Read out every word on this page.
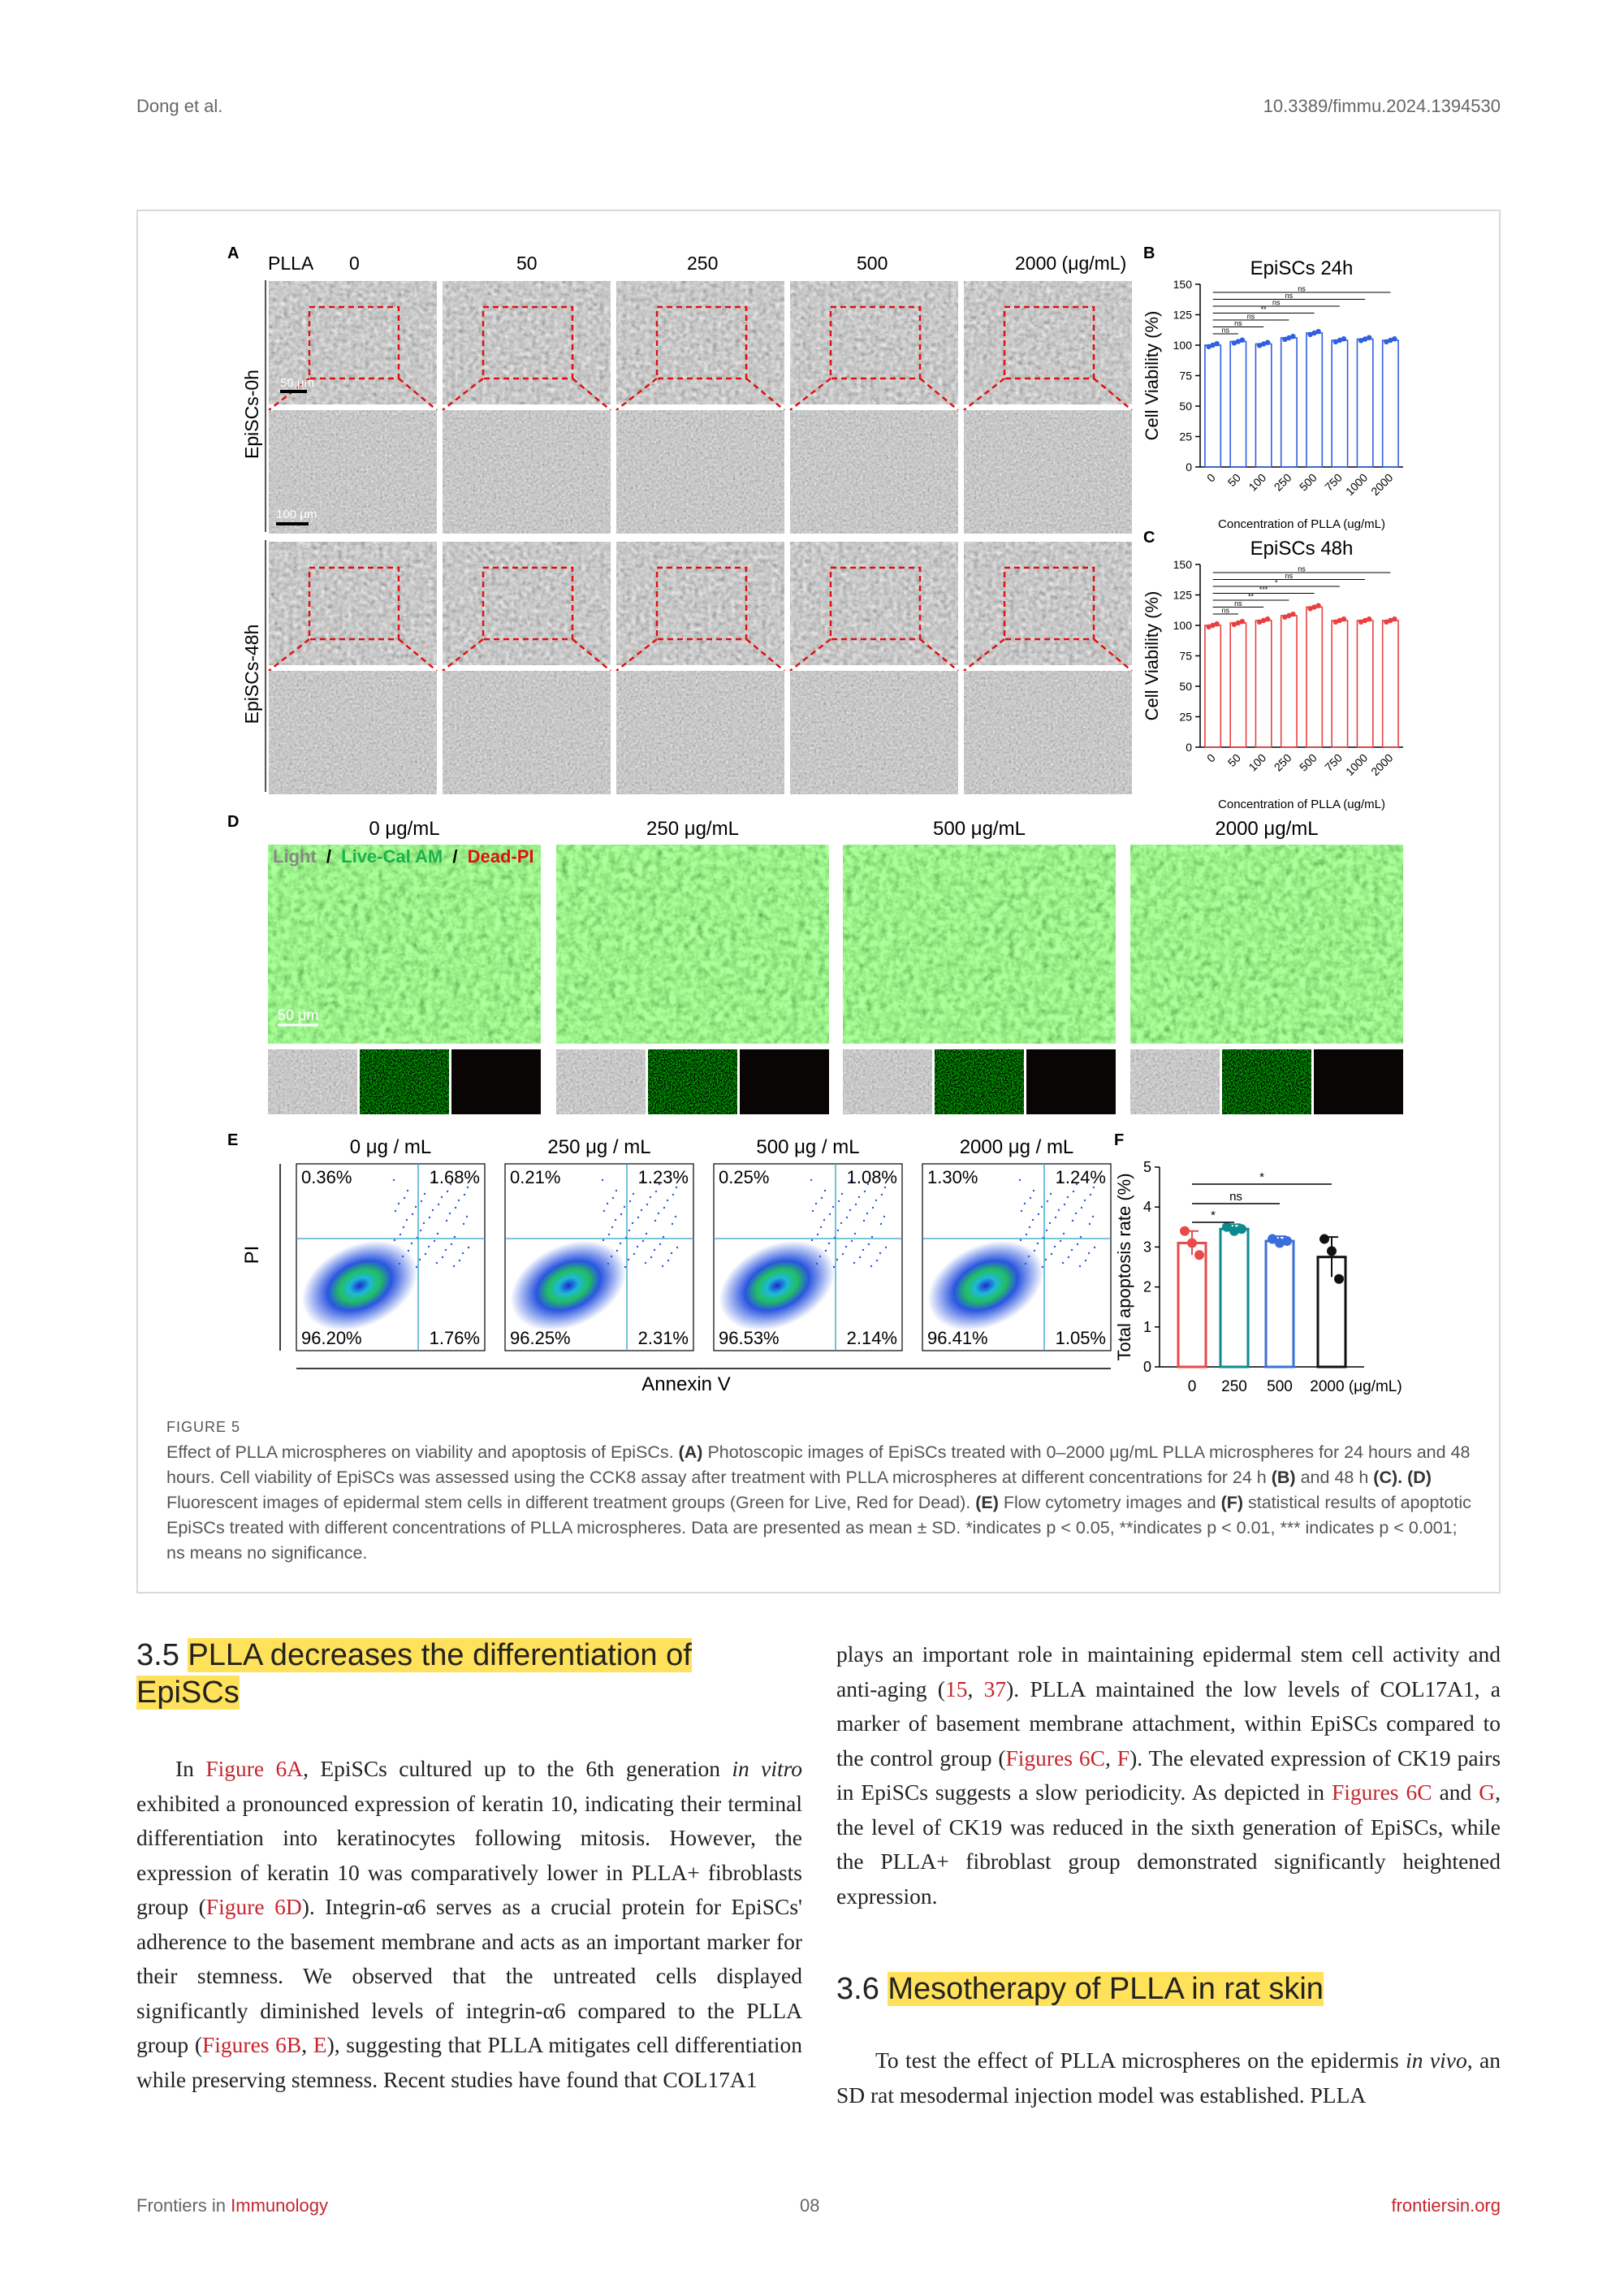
Dong et al.	10.3389/fimmu.2024.1394530
A PLLA 0	50	250	500	2000 (μg/mL)
EpiSCs-0h
EpiSCs-48h
50 μm
100 μm
B
C
EpiSCs 24h
0
25
50
75
100
125
150
Cell Viability (%)
0 50 100 250 500 750
1000
2000
Concentration of PLLA (ug/mL)
ns
ns
ns
**
ns
ns
ns
EpiSCs 48h
0
25
50
75
100
125
150
Cell Viability (%)
0 50 100 250 500 750
1000
2000
Concentration of PLLA (ug/mL)
ns
ns
**
***
*
ns
ns
D	0 μg/mL	250 μg/mL	500 μg/mL	2000 μg/mL
Light / Live-Cal AM / Dead-PI
50 μm
E	0 μg / mL
0.36%	1.68%
96.20%	1.76%
250 μg / mL
0.21%	1.23%
96.25%	2.31%
500 μg / mL
0.25%	1.08%
96.53%	2.14%
2000 μg / mL
1.30%	1.24%
96.41%	1.05%
PI
Annexin V
F
0
1
2
3
4
5
Total apoptosis rate (%)
0 250 500 2000 (μg/mL)
*
ns
*
FIGURE 5
Effect of PLLA microspheres on viability and apoptosis of EpiSCs. (A) Photoscopic images of EpiSCs treated with 0–2000 μg/mL PLLA microspheres for 24 hours and 48 hours. Cell viability of EpiSCs was assessed using the CCK8 assay after treatment with PLLA microspheres at different concentrations for 24 h (B) and 48 h (C). (D) Fluorescent images of epidermal stem cells in different treatment groups (Green for Live, Red for Dead). (E) Flow cytometry images and (F) statistical results of apoptotic EpiSCs treated with different concentrations of PLLA microspheres. Data are presented as mean ± SD. *indicates p < 0.05, **indicates p < 0.01, *** indicates p < 0.001; ns means no significance.
3.5 PLLA decreases the differentiation of EpiSCs
In Figure 6A, EpiSCs cultured up to the 6th generation in vitro exhibited a pronounced expression of keratin 10, indicating their terminal differentiation into keratinocytes following mitosis. However, the expression of keratin 10 was comparatively lower in PLLA+ fibroblasts group (Figure 6D). Integrin-α6 serves as a crucial protein for EpiSCs' adherence to the basement membrane and acts as an important marker for their stemness. We observed that the untreated cells displayed significantly diminished levels of integrin-α6 compared to the PLLA group (Figures 6B, E), suggesting that PLLA mitigates cell differentiation while preserving stemness. Recent studies have found that COL17A1
plays an important role in maintaining epidermal stem cell activity and anti-aging (15, 37). PLLA maintained the low levels of COL17A1, a marker of basement membrane attachment, within EpiSCs compared to the control group (Figures 6C, F). The elevated expression of CK19 pairs in EpiSCs suggests a slow periodicity. As depicted in Figures 6C and G, the level of CK19 was reduced in the sixth generation of EpiSCs, while the PLLA+ fibroblast group demonstrated significantly heightened expression.
3.6 Mesotherapy of PLLA in rat skin
To test the effect of PLLA microspheres on the epidermis in vivo, an SD rat mesodermal injection model was established. PLLA
Frontiers in Immunology	08	frontiersin.org
